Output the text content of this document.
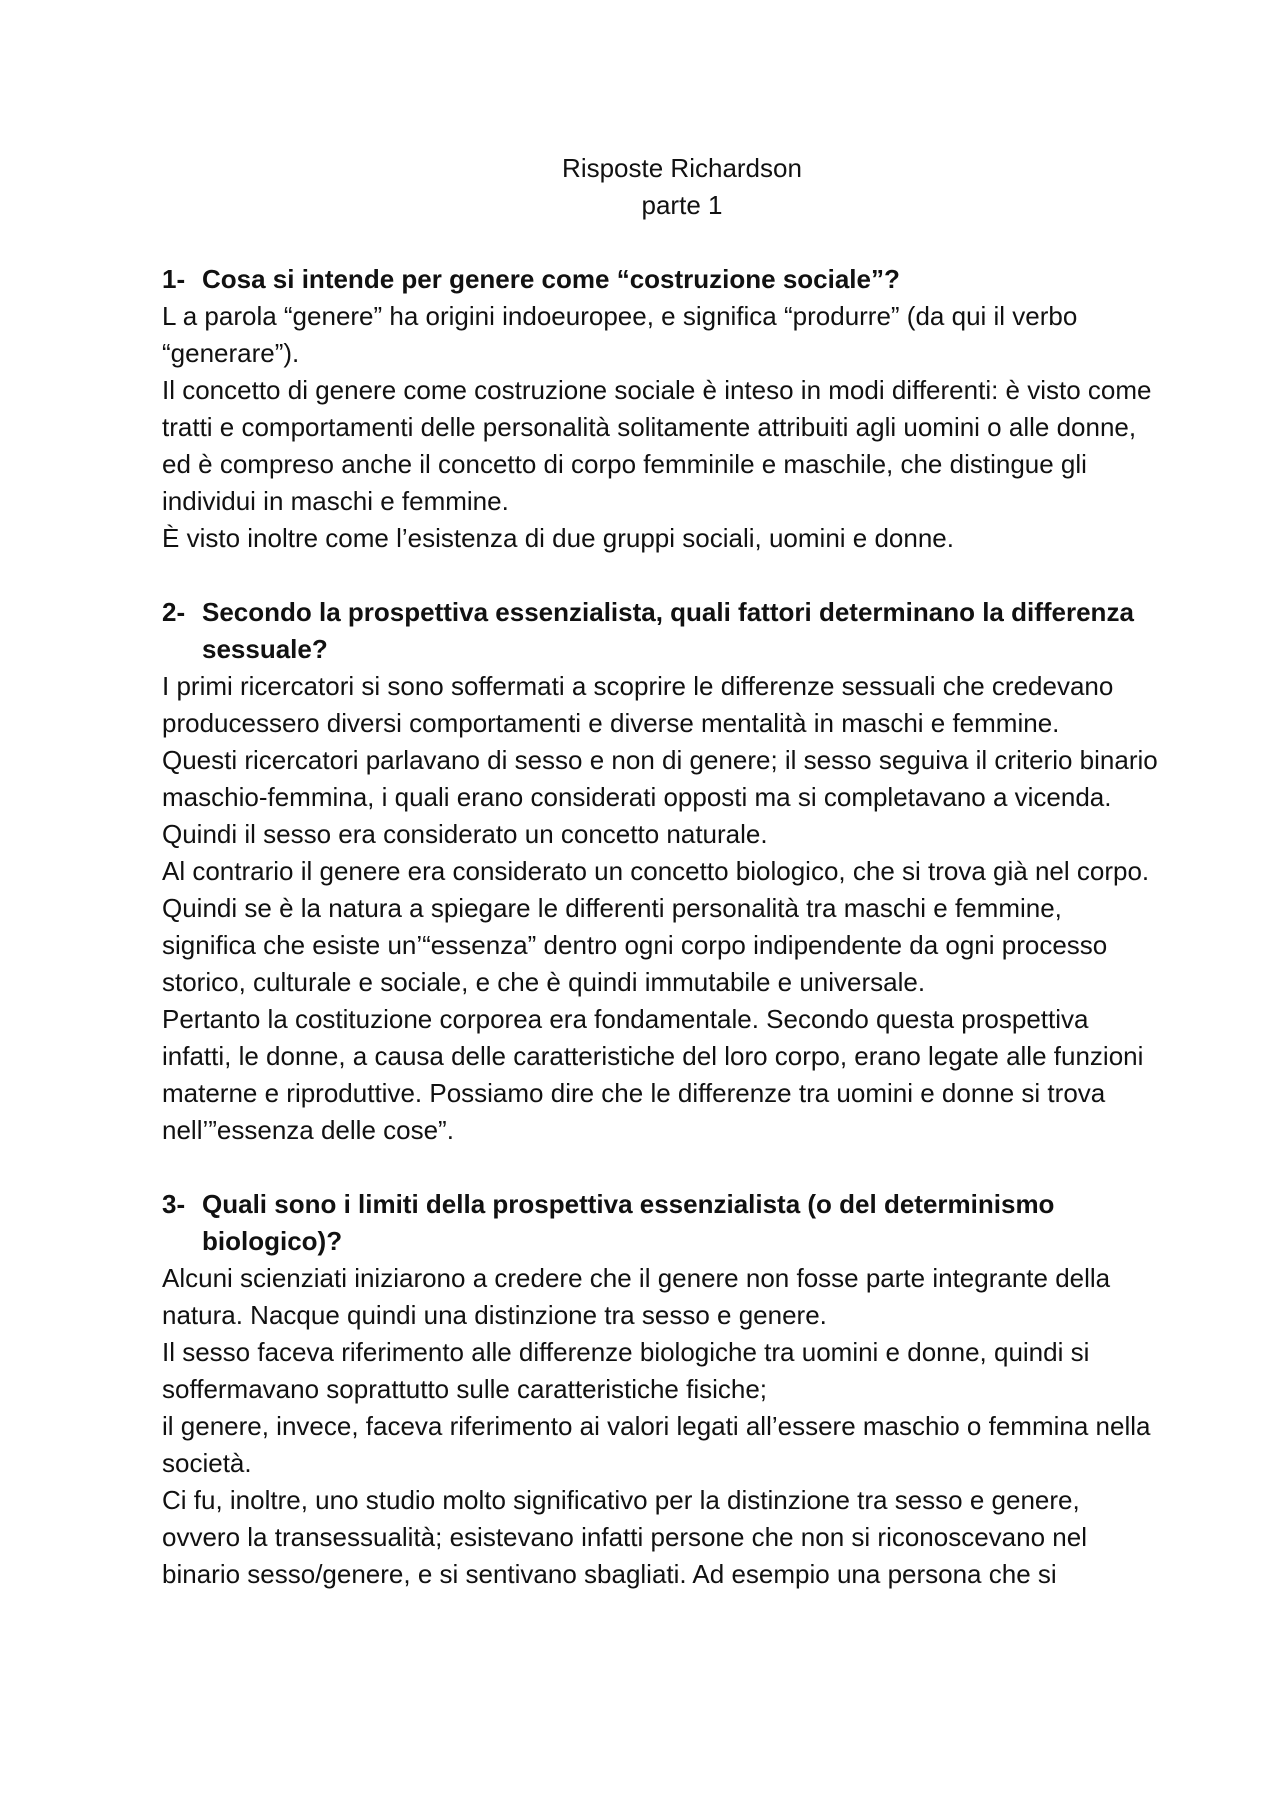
Risposte Richardson
parte 1
1- Cosa si intende per genere come “costruzione sociale”?

L a parola “genere” ha origini indoeuropee, e significa “produrre” (da qui il verbo “generare”).

Il concetto di genere come costruzione sociale è inteso in modi differenti: è visto come tratti e comportamenti delle personalità solitamente attribuiti agli uomini o alle donne, ed è compreso anche il concetto di corpo femminile e maschile, che distingue gli individui in maschi e femmine.

È visto inoltre come l’esistenza di due gruppi sociali, uomini e donne.

2- Secondo la prospettiva essenzialista, quali fattori determinano la differenza sessuale?

I primi ricercatori si sono soffermati a scoprire le differenze sessuali che credevano producessero diversi comportamenti e diverse mentalità in maschi e femmine.

Questi ricercatori parlavano di sesso e non di genere; il sesso seguiva il criterio binario maschio-femmina, i quali erano considerati opposti ma si completavano a vicenda. Quindi il sesso era considerato un concetto naturale.

Al contrario il genere era considerato un concetto biologico, che si trova già nel corpo.

Quindi se è la natura a spiegare le differenti personalità tra maschi e femmine, significa che esiste un’“essenza” dentro ogni corpo indipendente da ogni processo storico, culturale e sociale, e che è quindi immutabile e universale.

Pertanto la costituzione corporea era fondamentale. Secondo questa prospettiva infatti, le donne, a causa delle caratteristiche del loro corpo, erano legate alle funzioni materne e riproduttive. Possiamo dire che le differenze tra uomini e donne si trova nell’”essenza delle cose”.

3- Quali sono i limiti della prospettiva essenzialista (o del determinismo biologico)?

Alcuni scienziati iniziarono a credere che il genere non fosse parte integrante della natura. Nacque quindi una distinzione tra sesso e genere.

Il sesso faceva riferimento alle differenze biologiche tra uomini e donne, quindi si soffermavano soprattutto sulle caratteristiche fisiche;

il genere, invece, faceva riferimento ai valori legati all’essere maschio o femmina nella società.

Ci fu, inoltre, uno studio molto significativo per la distinzione tra sesso e genere, ovvero la transessualità; esistevano infatti persone che non si riconoscevano nel binario sesso/genere, e si sentivano sbagliati. Ad esempio una persona che si
